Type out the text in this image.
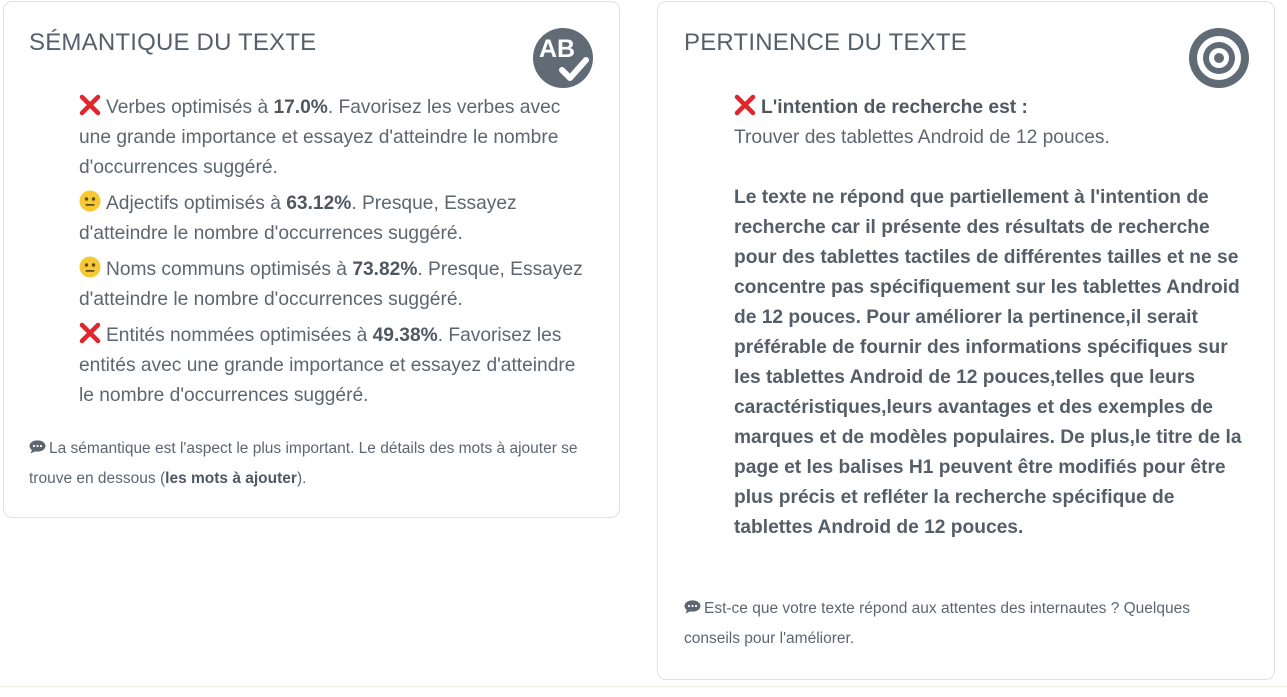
SÉMANTIQUE DU TEXTE	AB
Verbes optimisés à 17.0%. Favorisez les verbes avec une grande importance et essayez d'atteindre le nombre d'occurrences suggéré.
Adjectifs optimisés à 63.12%. Presque, Essayez d'atteindre le nombre d'occurrences suggéré.
Noms communs optimisés à 73.82%. Presque, Essayez d'atteindre le nombre d'occurrences suggéré.
Entités nommées optimisées à 49.38%. Favorisez les entités avec une grande importance et essayez d'atteindre le nombre d'occurrences suggéré.
La sémantique est l'aspect le plus important. Le détails des mots à ajouter se trouve en dessous (les mots à ajouter).
PERTINENCE DU TEXTE
L'intention de recherche est :
Trouver des tablettes Android de 12 pouces.
Le texte ne répond que partiellement à l'intention de recherche car il présente des résultats de recherche pour des tablettes tactiles de différentes tailles et ne se concentre pas spécifiquement sur les tablettes Android de 12 pouces. Pour améliorer la pertinence,il serait préférable de fournir des informations spécifiques sur les tablettes Android de 12 pouces,telles que leurs caractéristiques,leurs avantages et des exemples de marques et de modèles populaires. De plus,le titre de la page et les balises H1 peuvent être modifiés pour être plus précis et refléter la recherche spécifique de tablettes Android de 12 pouces.
Est-ce que votre texte répond aux attentes des internautes ? Quelques conseils pour l'améliorer.
